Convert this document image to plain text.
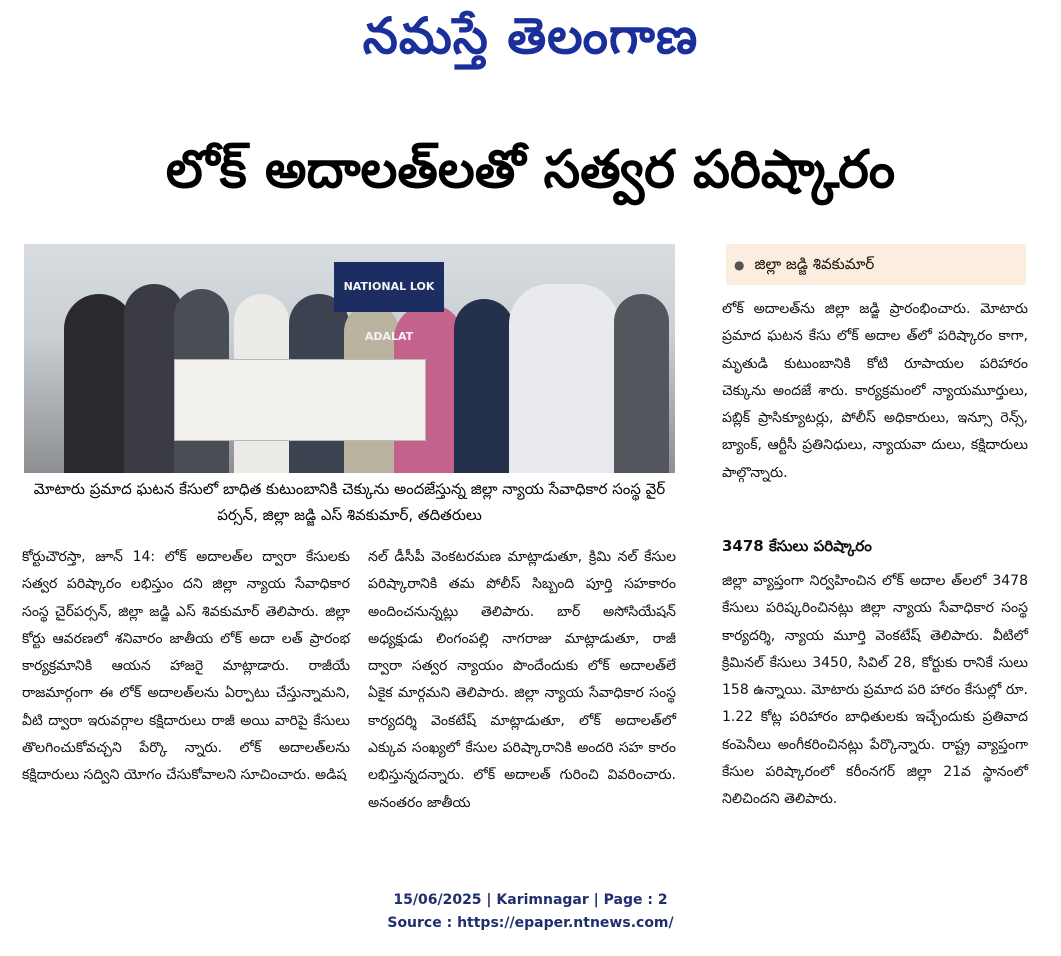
నమస్తే తెలంగాణ
లోక్ అదాలత్‌లతో సత్వర పరిష్కారం
NATIONAL LOK ADALAT
మోటారు ప్రమాద ఘటన కేసులో బాధిత కుటుంబానికి చెక్కును అందజేస్తున్న జిల్లా న్యాయ సేవాధికార సంస్థ వైర్ పర్సన్, జిల్లా జడ్జి ఎస్ శివకుమార్, తదితరులు
కోర్టుచౌరస్తా, జూన్ 14: లోక్ అదాలత్‌ల ద్వారా కేసులకు సత్వర పరిష్కారం లభిస్తుం దని జిల్లా న్యాయ సేవాధికార సంస్థ చైర్‌పర్సన్, జిల్లా జడ్జి ఎస్ శివకుమార్ తెలిపారు. జిల్లా కోర్టు ఆవరణలో శనివారం జాతీయ లోక్ అదా లత్ ప్రారంభ కార్యక్రమానికి ఆయన హాజరై మాట్లాడారు. రాజీయే రాజమార్గంగా ఈ లోక్ అదాలత్‌లను ఏర్పాటు చేస్తున్నామని, వీటి ద్వారా ఇరువర్గాల కక్షిదారులు రాజీ అయి వారిపై కేసులు తొలగించుకోవచ్చని పేర్కొ న్నారు. లోక్ అదాలత్‌లను కక్షిదారులు సద్విని యోగం చేసుకోవాలని సూచించారు. అడిష
నల్ డీసీపీ వెంకటరమణ మాట్లాడుతూ, క్రిమి నల్ కేసుల పరిష్కారానికి తమ పోలీస్ సిబ్బంది పూర్తి సహకారం అందించనున్నట్లు తెలిపారు. బార్ అసోసియేషన్ అధ్యక్షుడు లింగంపల్లి నాగరాజు మాట్లాడుతూ, రాజీ ద్వారా సత్వర న్యాయం పొందేందుకు లోక్ అదాలత్‌లే ఏకైక మార్గమని తెలిపారు. జిల్లా న్యాయ సేవాధికార సంస్థ కార్యదర్శి వెంకటేష్ మాట్లాడుతూ, లోక్ అదాలత్‌లో ఎక్కువ సంఖ్యలో కేసుల పరిష్కారానికి అందరి సహ కారం లభిస్తున్నదన్నారు. లోక్ అదాలత్ గురించి వివరించారు. అనంతరం జాతీయ
● జిల్లా జడ్జి శివకుమార్
లోక్ అదాలత్‌ను జిల్లా జడ్జి ప్రారంభించారు. మోటారు ప్రమాద ఘటన కేసు లోక్ అదాల త్‌లో పరిష్కారం కాగా, మృతుడి కుటుంబానికి కోటి రూపాయల పరిహారం చెక్కును అందజే శారు. కార్యక్రమంలో న్యాయమూర్తులు, పబ్లిక్ ప్రాసిక్యూటర్లు, పోలీస్ అధికారులు, ఇన్సూ రెన్స్, బ్యాంక్, ఆర్టీసీ ప్రతినిధులు, న్యాయవా దులు, కక్షిదారులు పాల్గొన్నారు.
3478 కేసులు పరిష్కారం
జిల్లా వ్యాప్తంగా నిర్వహించిన లోక్ అదాల త్‌లలో 3478 కేసులు పరిష్కరించినట్లు జిల్లా న్యాయ సేవాధికార సంస్థ కార్యదర్శి, న్యాయ మూర్తి వెంకటేష్ తెలిపారు. వీటిలో క్రిమినల్ కేసులు 3450, సివిల్ 28, కోర్టుకు రానికే సులు 158 ఉన్నాయి. మోటారు ప్రమాద పరి హారం కేసుల్లో రూ. 1.22 కోట్ల పరిహారం బాధితులకు ఇచ్చేందుకు ప్రతివాద కంపెనీలు అంగీకరించినట్లు పేర్కొన్నారు. రాష్ట్ర వ్యాప్తంగా కేసుల పరిష్కారంలో కరీంనగర్ జిల్లా 21వ స్థానంలో నిలిచిందని తెలిపారు.
15/06/2025 | Karimnagar | Page : 2
Source : https://epaper.ntnews.com/
